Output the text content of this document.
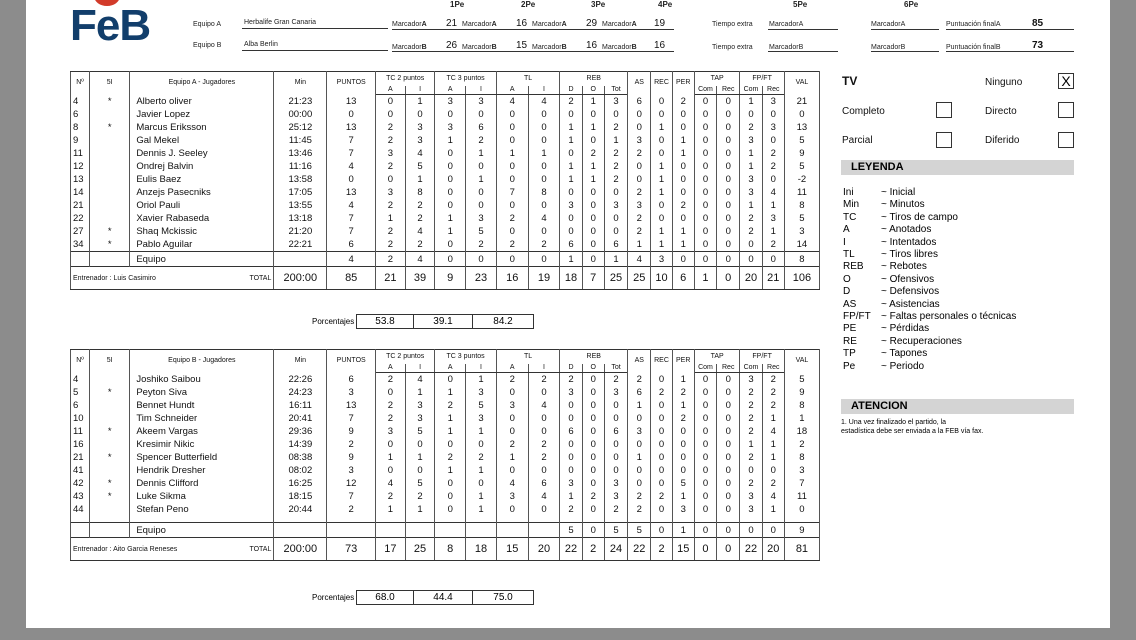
FeB	Equipo A	Herbalife Gran Canaria
Equipo B	Alba Berlin
1Pe	2Pe	3Pe	4Pe	5Pe	6Pe
MarcadorA 21 MarcadorA 16 MarcadorA 29 MarcadorA 19	Tiempo extra MarcadorA	MarcadorA	Puntuación finalA	85
MarcadorB 26 MarcadorB 15 MarcadorB 16 MarcadorB 16	Tiempo extra MarcadorB	MarcadorB	Puntuación finalB	73
Nº	5I	Equipo A - Jugadores	Min	PUNTOS	TC 2 puntos		TC 3 puntos		TL		REB			AS	REC	PER	TAP		FP/FT		VAL
					A	I	A	I	A	I	D	O	Tot				Com	Rec	Com	Rec	
4	*	Alberto oliver	21:23	13	0	1	3	3	4	4	2	1	3	6	0	2	0	0	1	3	21
6		Javier Lopez	00:00	0	0	0	0	0	0	0	0	0	0	0	0	0	0	0	0	0	0
8	*	Marcus Eriksson	25:12	13	2	3	3	6	0	0	1	1	2	0	1	0	0	0	2	3	13
9		Gal Mekel	11:45	7	2	3	1	2	0	0	1	0	1	3	0	1	0	0	3	0	5
11		Dennis J. Seeley	13:46	7	3	4	0	1	1	1	0	2	2	2	0	1	0	0	1	2	9
12		Ondrej Balvin	11:16	4	2	5	0	0	0	0	1	1	2	0	1	0	0	0	1	2	5
13		Eulis Baez	13:58	0	0	1	0	1	0	0	1	1	2	0	1	0	0	0	3	0	-2
14		Anzejs Pasecniks	17:05	13	3	8	0	0	7	8	0	0	0	2	1	0	0	0	3	4	11
21		Oriol Pauli	13:55	4	2	2	0	0	0	0	3	0	3	3	0	2	0	0	1	1	8
22		Xavier Rabaseda	13:18	7	1	2	1	3	2	4	0	0	0	2	0	0	0	0	2	3	5
27	*	Shaq Mckissic	21:20	7	2	4	1	5	0	0	0	0	0	2	1	1	0	0	2	1	3
34	*	Pablo Aguilar	22:21	6	2	2	0	2	2	2	6	0	6	1	1	1	0	0	0	2	14
		Equipo		4	2	4	0	0	0	0	1	0	1	4	3	0	0	0	0	0	8
Entrenador : Luis Casimiro TOTAL			200:00	85	21	39	9	23	16	19	18	7	25	25	10	6	1	0	20	21	106
Porcentajes	53.8	39.1	84.2
Nº	5I	Equipo B - Jugadores	Min	PUNTOS	TC 2 puntos		TC 3 puntos		TL		REB			AS	REC	PER	TAP		FP/FT		VAL
					A	I	A	I	A	I	D	O	Tot				Com	Rec	Com	Rec	
4		Joshiko Saibou	22:26	6	2	4	0	1	2	2	2	0	2	2	0	1	0	0	3	2	5
5	*	Peyton Siva	24:23	3	0	1	1	3	0	0	3	0	3	6	2	2	0	0	2	2	9
6		Bennet Hundt	16:11	13	2	3	2	5	3	4	0	0	0	1	0	1	0	0	2	2	8
10		Tim Schneider	20:41	7	2	3	1	3	0	0	0	0	0	0	0	2	0	0	2	1	1
11	*	Akeem Vargas	29:36	9	3	5	1	1	0	0	6	0	6	3	0	0	0	0	2	4	18
16		Kresimir Nikic	14:39	2	0	0	0	0	2	2	0	0	0	0	0	0	0	0	1	1	2
21	*	Spencer Butterfield	08:38	9	1	1	2	2	1	2	0	0	0	1	0	0	0	0	2	1	8
41		Hendrik Dresher	08:02	3	0	0	1	1	0	0	0	0	0	0	0	0	0	0	0	0	3
42	*	Dennis Clifford	16:25	12	4	5	0	0	4	6	3	0	3	0	0	5	0	0	2	2	7
43	*	Luke Sikma	18:15	7	2	2	0	1	3	4	1	2	3	2	2	1	0	0	3	4	11
44		Stefan Peno	20:44	2	1	1	0	1	0	0	2	0	2	2	0	3	0	0	3	1	0

		Equipo									5	0	5	5	0	1	0	0	0	0	9
Entrenador : Aito Garcia Reneses TOTAL			200:00	73	17	25	8	18	15	20	22	2	24	22	2	15	0	0	22	20	81
Porcentajes	68.0	44.4	75.0
TV	Ninguno	X
Completo	Directo
Parcial	Diferido
LEYENDA
Ini	~ Inicial
Min ~ Minutos
TC ~ Tiros de campo
A	~ Anotados
I	~ Intentados
TL	~ Tiros libres
REB ~ Rebotes
O	~ Ofensivos
D	~ Defensivos
AS ~ Asistencias
FP/FT ~ Faltas personales o técnicas
PE ~ Pérdidas
RE ~ Recuperaciones
TP	~ Tapones
Pe	~ Periodo
ATENCION
1. Una vez finalizado el partido, la
estadística debe ser enviada a la FEB vía fax.
